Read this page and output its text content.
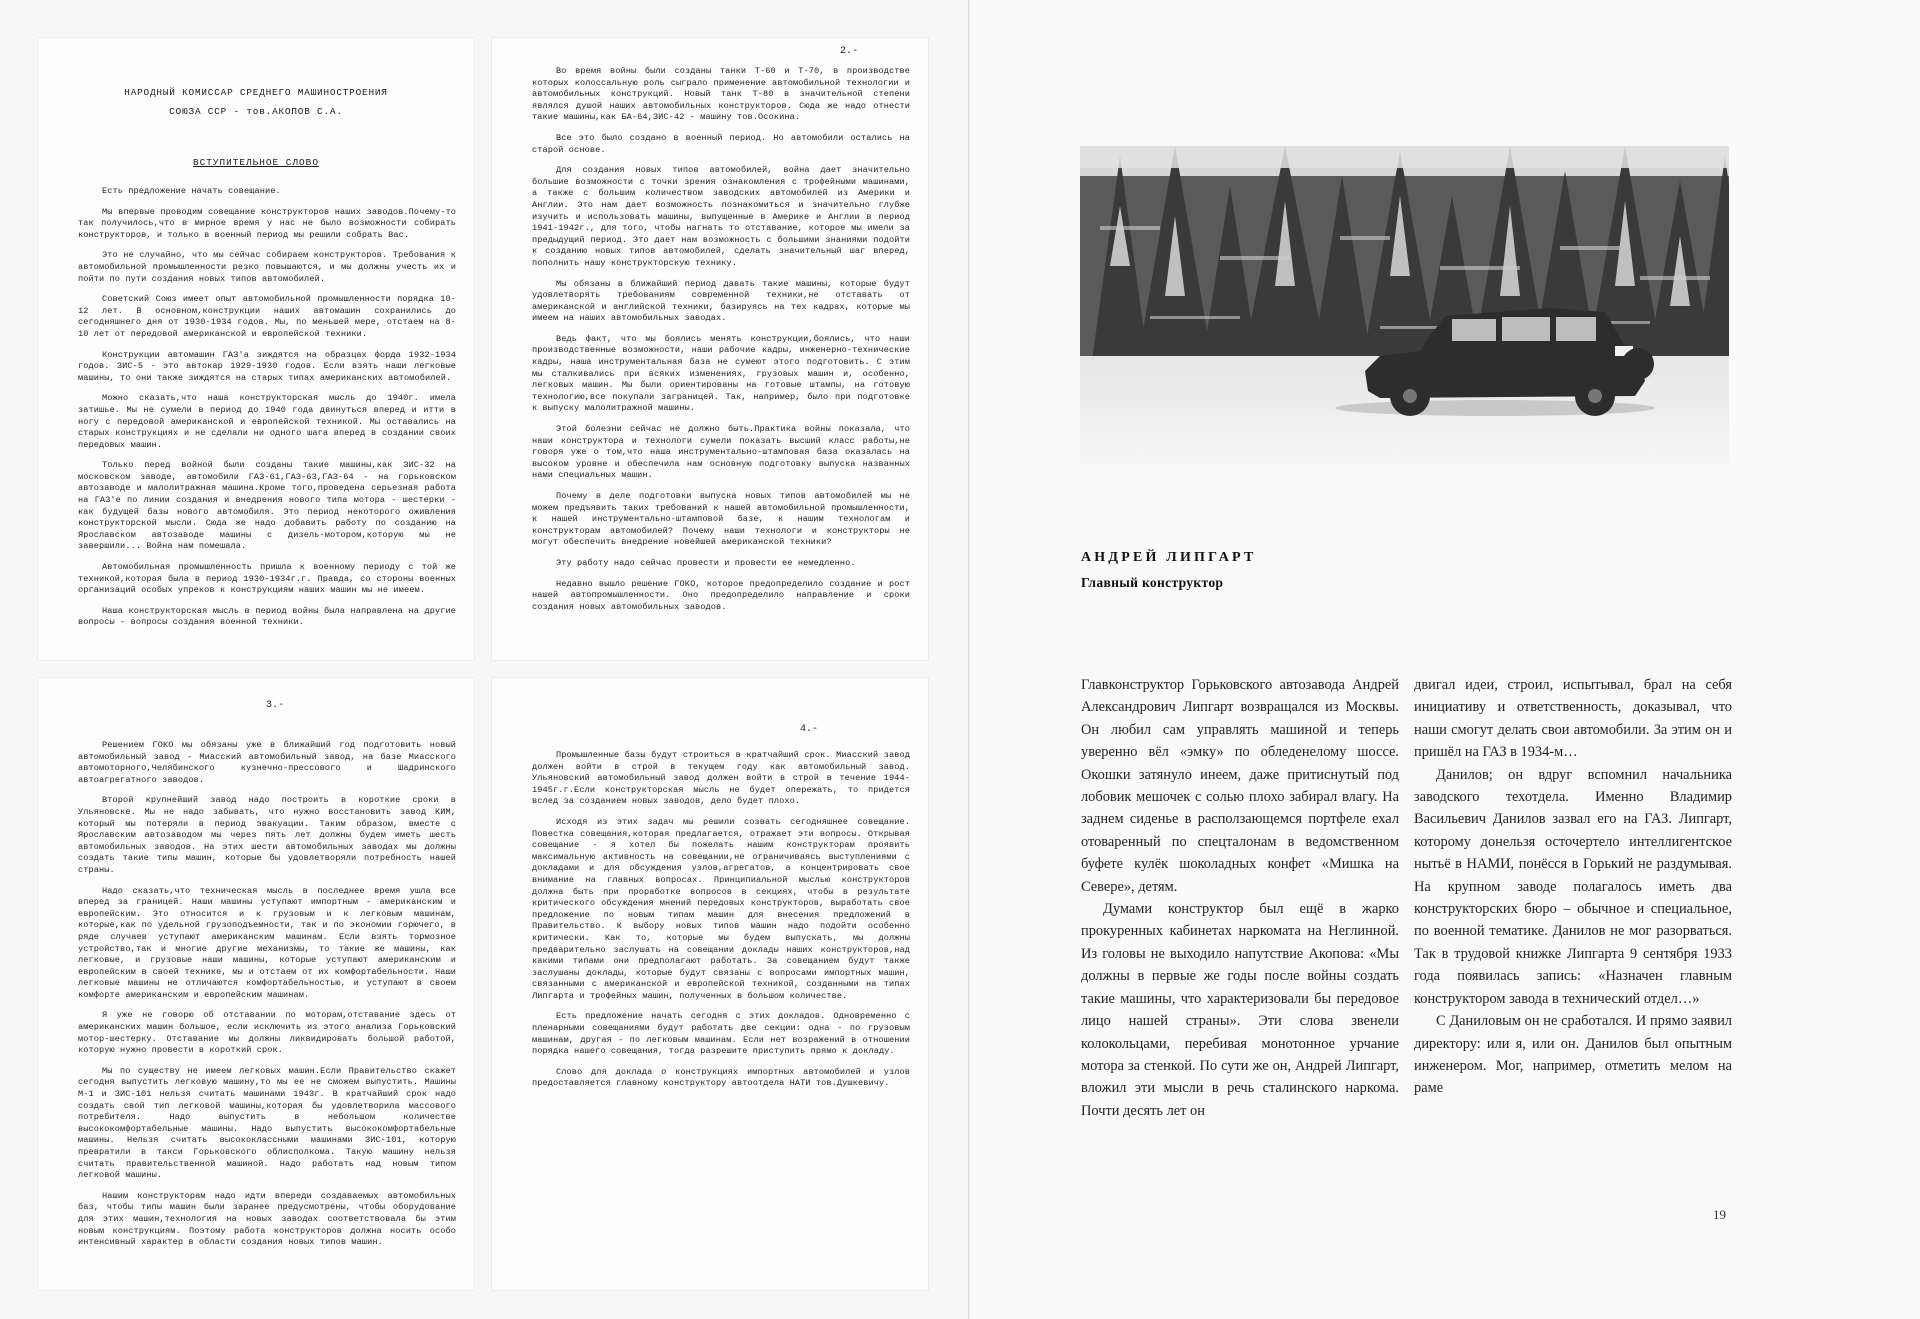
НАРОДНЫЙ КОМИССАР СРЕДНЕГО МАШИНОСТРОЕНИЯ
СОЮЗА ССР - тов.АКОПОВ С.А.
ВСТУПИТЕЛЬНОЕ СЛОВО

Есть предложение начать совещание.

Мы впервые проводим совещание конструкторов наших заводов.Почему-то так получилось,что в мирное время у нас не было возможности собирать конструкторов, и только в военный период мы решили собрать Вас.

Это не случайно, что мы сейчас собираем конструкторов. Требования к автомобильной промышленности резко повышаются, и мы должны учесть их и пойти по пути создания новых типов автомобилей.

Советский Союз имеет опыт автомобильной промышленности порядка 10-12 лет. В основном,конструкции наших автомашин сохранились до сегодняшнего дня от 1930-1934 годов. Мы, по меньшей мере, отстаем на 8-10 лет от передовой американской и европейской техники.

Конструкции автомашин ГАЗ'а зиждятся на образцах форда 1932-1934 годов. ЗИС-5 - это автокар 1929-1930 годов. Если взять наши легковые машины, то они также зиждятся на старых типах американских автомобилей.

Можно сказать,что наша конструкторская мысль до 1940г. имела затишье. Мы не сумели в период до 1940 года двинуться вперед и итти в ногу с передовой американской и европейской техникой. Мы оставались на старых конструкциях и не сделали ни одного шага вперед в создании своих передовых машин.

Только перед войной были созданы такие машины,как ЗИС-32 на московском заводе, автомобили ГАЗ-61,ГАЗ-63,ГАЗ-64 - на горьковском автозаводе и малолитражная машина.Кроме того,проведена серьезная работа на ГАЗ'е по линии создания и внедрения нового типа мотора - шестерки - как будущей базы нового автомобиля. Это период некоторого оживления конструкторской мысли. Сюда же надо добавить работу по созданию на Ярославском автозаводе машины с дизель-мотором,которую мы не завершили... Война нам помешала.

Автомобильная промышленность пришла к военному периоду с той же техникой,которая была в период 1930-1934г.г. Правда, со стороны военных организаций особых упреков к конструкциям наших машин мы не имеем.

Наша конструкторская мысль в период войны была направлена на другие вопросы - вопросы создания военной техники.

2.-

Во время войны были созданы танки Т-60 и Т-70, в производстве которых колоссальную роль сыграло применение автомобильной технологии и автомобильных конструкций. Новый танк Т-80 в значительной степени являлся душой наших автомобильных конструкторов. Сюда же надо отнести такие машины,как БА-64,ЗИС-42 - машину тов.Осокина.

Все это было создано в военный период. Но автомобили остались на старой основе.

Для создания новых типов автомобилей, война дает значительно большие возможности с точки зрения ознакомления с трофейными машинами, а также с большим количеством заводских автомобилей из Америки и Англии. Это нам дает возможность познакомиться и значительно глубже изучить и использовать машины, выпущенные в Америке и Англии в период 1941-1942г., для того, чтобы нагнать то отставание, которое мы имели за предыдущий период. Это дает нам возможность с большими знаниями подойти к созданию новых типов автомобилей, сделать значительный шаг вперед, пополнить нашу конструкторскую технику.

Мы обязаны в ближайший период давать такие машины, которые будут удовлетворять требованиям современной техники,не отставать от американской и английской техники, базируясь на тех кадрах, которые мы имеем на наших автомобильных заводах.

Ведь факт, что мы боялись менять конструкции,боялись, что наши производственные возможности, наши рабочие кадры, инженерно-технические кадры, наша инструментальная база не сумеют этого подготовить. С этим мы сталкивались при всяких изменениях, грузовых машин и, особенно, легковых машин. Мы были ориентированы на готовые штампы, на готовую технологию,все покупали заграницей. Так, например, было при подготовке к выпуску малолитражной машины.

Этой болезни сейчас не должно быть.Практика войны показала, что наши конструктора и технологи сумели показать высший класс работы,не говоря уже о том,что наша инструментально-штамповая база оказалась на высоком уровне и обеспечила нам основную подготовку выпуска названных нами специальных машин.

Почему в деле подготовки выпуска новых типов автомобилей мы не можем предъявить таких требований к нашей автомобильной промышленности, к нашей инструментально-штамповой базе, к нашим технологам и конструкторам автомобилей? Почему наши технологи и конструкторы не могут обеспечить внедрение новейшей американской техники?

Эту работу надо сейчас провести и провести ее немедленно.

Недавно вышло решение ГОКО, которое предопределило создание и рост нашей автопромышленности. Оно предопределило направление и сроки создания новых автомобильных заводов.

3.-

Решением ГОКО мы обязаны уже в ближайший год подготовить новый автомобильный завод - Миасский автомобильный завод, на базе Миасского автомоторного,Челябинского кузнечно-прессового и Шадринского автоагрегатного заводов.

Второй крупнейший завод надо построить в короткие сроки в Ульяновске. Мы не надо забывать, что нужно восстановить завод КИМ, который мы потеряли в период эвакуации. Таким образом, вместе с Ярославским автозаводом мы через пять лет должны будем иметь шесть автомобильных заводов. На этих шести автомобильных заводах мы должны создать такие типы машин, которые бы удовлетворяли потребность нашей страны.

Надо сказать,что техническая мысль в последнее время ушла все вперед за границей. Наши машины уступают импортным - американским и европейским. Это относится и к грузовым и к легковым машинам, которые,как по удельной грузоподъемности, так и по экономии горючего, в ряде случаев уступают американским машинам. Если взять тормозное устройство,так и многие другие механизмы, то такие же машины, как легковые, и грузовые наши машины, которые уступают американским и европейским в своей технике, мы и отстаем от их комфортабельности. Наши легковые машины не отличаются комфортабельностью, и уступают в своем комфорте американским и европейским машинам.

Я уже не говорю об отставании по моторам,отставание здесь от американских машин большое, если исключить из этого анализа Горьковский мотор-шестерку. Отставание мы должны ликвидировать большой работой, которую нужно провести в короткий срок.

Мы по существу не имеем легковых машин.Если Правительство скажет сегодня выпустить легковую машину,то мы ее не сможем выпустить. Машины М-1 и ЗИС-101 нельзя считать машинами 1943г. В кратчайший срок надо создать свой тип легковой машины,которая бы удовлетворила массового потребителя. Надо выпустить в небольшом количестве высококомфортабельные машины. Надо выпустить высококомфортабельные машины. Нельзя считать высококлассными машинами ЗИС-101, которую превратили в такси Горьковского облисполкома. Такую машину нельзя считать правительственной машиной. Надо работать над новым типом легковой машины.

Нашим конструкторам надо идти впереди создаваемых автомобильных баз, чтобы типы машин были заранее предусмотрены, чтобы оборудование для этих машин,технология на новых заводах соответствовала бы этим новым конструкциям. Поэтому работа конструкторов должна носить особо интенсивный характер в области создания новых типов машин.

4.-

Промышленные базы будут строиться в кратчайший срок. Миасский завод должен войти в строй в текущем году как автомобильный завод. Ульяновский автомобильный завод должен войти в строй в течение 1944-1945г.г.Если конструкторская мысль не будет опережать, то придется вслед за созданием новых заводов, дело будет плохо.

Исходя из этих задач мы решили созвать сегодняшнее совещание. Повестка совещания,которая предлагается, отражает эти вопросы. Открывая совещание - я хотел бы пожелать нашим конструкторам проявить максимальную активность на совещании,не ограничиваясь выступлениями с докладами и для обсуждения узлов,агрегатов, а концентрировать свое внимание на главных вопросах. Принципиальной мыслью конструкторов должна быть при проработке вопросов в секциях, чтобы в результате критического обсуждения мнений передовых конструкторов, выработать свое предложение по новым типам машин для внесения предложений в Правительство. К выбору новых типов машин надо подойти особенно критически. Как то, которые мы будем выпускать, мы должны предварительно заслушать на совещании доклады наших конструкторов,над какими типами они предполагают работать. За совещанием будут также заслушаны доклады, которые будут связаны с вопросами импортных машин, связанными с американской и европейской техникой, созданными на типах Липгарта и трофейных машин, полученных в большом количестве.

Есть предложение начать сегодня с этих докладов. Одновременно с пленарными совещаниями будут работать две секции: одна - по грузовым машинам, другая - по легковым машинам. Если нет возражений в отношении порядка нашего совещания, тогда разрешите приступить прямо к докладу.

Слово для доклада о конструкциях импортных автомобилей и узлов предоставляется главному конструктору автоотдела НАТИ тов.Душкевичу.

АНДРЕЙ ЛИПГАРТ
Главный конструктор

Главконструктор Горьковского автозавода Андрей Александрович Липгарт возвращался из Москвы. Он любил сам управлять машиной и теперь уверенно вёл «эмку» по обледенелому шоссе. Окошки затянуло инеем, даже притиснутый под лобовик мешочек с солью плохо забирал влагу. На заднем сиденье в расползающемся портфеле ехал отоваренный по спецталонам в ведомственном буфете кулёк шоколадных конфет «Мишка на Севере», детям.

Думами конструктор был ещё в жарко прокуренных кабинетах наркомата на Неглинной. Из головы не выходило напутствие Акопова: «Мы должны в первые же годы после войны создать такие машины, что характеризовали бы передовое лицо нашей страны». Эти слова звенели колокольцами, перебивая монотонное урчание мотора за стенкой. По сути же он, Андрей Липгарт, вложил эти мысли в речь сталинского наркома. Почти десять лет он

двигал идеи, строил, испытывал, брал на себя инициативу и ответственность, доказывал, что наши смогут делать свои автомобили. За этим он и пришёл на ГАЗ в 1934-м…

Данилов; он вдруг вспомнил начальника заводского техотдела. Именно Владимир Васильевич Данилов зазвал его на ГАЗ. Липгарт, которому донельзя осточертело интеллигентское нытьё в НАМИ, понёсся в Горький не раздумывая. На крупном заводе полагалось иметь два конструкторских бюро – обычное и специальное, по военной тематике. Данилов не мог разорваться. Так в трудовой книжке Липгарта 9 сентября 1933 года появилась запись: «Назначен главным конструктором завода в технический отдел…»

С Даниловым он не сработался. И прямо заявил директору: или я, или он. Данилов был опытным инженером. Мог, например, отметить мелом на раме

19
